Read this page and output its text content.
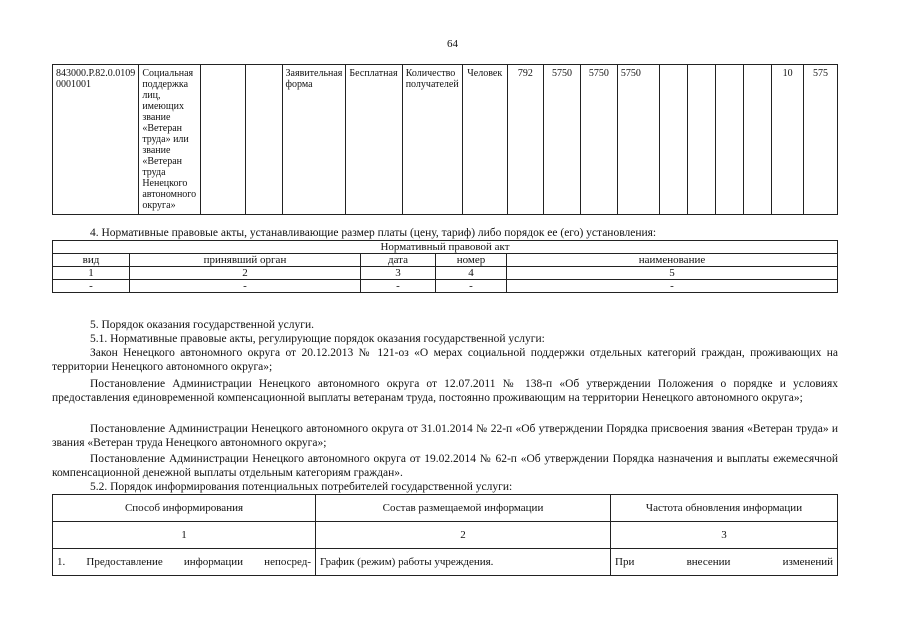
64
843000.Р.82.0.0109 0001001	Социальная поддержка лиц, имеющих звание «Ветеран труда» или звание «Ветеран труда Ненецкого автономного округа»			Заявительная форма	Бесплатная	Количество получателей	Человек	792	5750	5750	5750					10	575
4. Нормативные правовые акты, устанавливающие размер платы (цену, тариф) либо порядок ее (его) установления:
Нормативный правовой акт				
вид	принявший орган	дата	номер	наименование
1	2	3	4	5
-	-	-	-	-
5. Порядок оказания государственной услуги.
5.1. Нормативные правовые акты, регулирующие порядок оказания государственной услуги:
Закон Ненецкого автономного округа от 20.12.2013 № 121-оз «О мерах социальной поддержки отдельных категорий граждан, проживающих на территории Ненецкого автономного округа»;
Постановление Администрации Ненецкого автономного округа от 12.07.2011 № 138-п «Об утверждении Положения о порядке и условиях предоставления единовременной компенсационной выплаты ветеранам труда, постоянно проживающим на территории Ненецкого автономного округа»;
Постановление Администрации Ненецкого автономного округа от 31.01.2014 № 22-п «Об утверждении Порядка присвоения звания «Ветеран труда» и звания «Ветеран труда Ненецкого автономного округа»;
Постановление Администрации Ненецкого автономного округа от 19.02.2014 № 62-п «Об утверждении Порядка назначения и выплаты ежемесячной компенсационной денежной выплаты отдельным категориям граждан».
5.2. Порядок информирования потенциальных потребителей государственной услуги:
Способ информирования	Состав размещаемой информации	Частота обновления информации
1	2	3
1. Предоставление информации непосред-	График (режим) работы учреждения.	При внесении изменений
